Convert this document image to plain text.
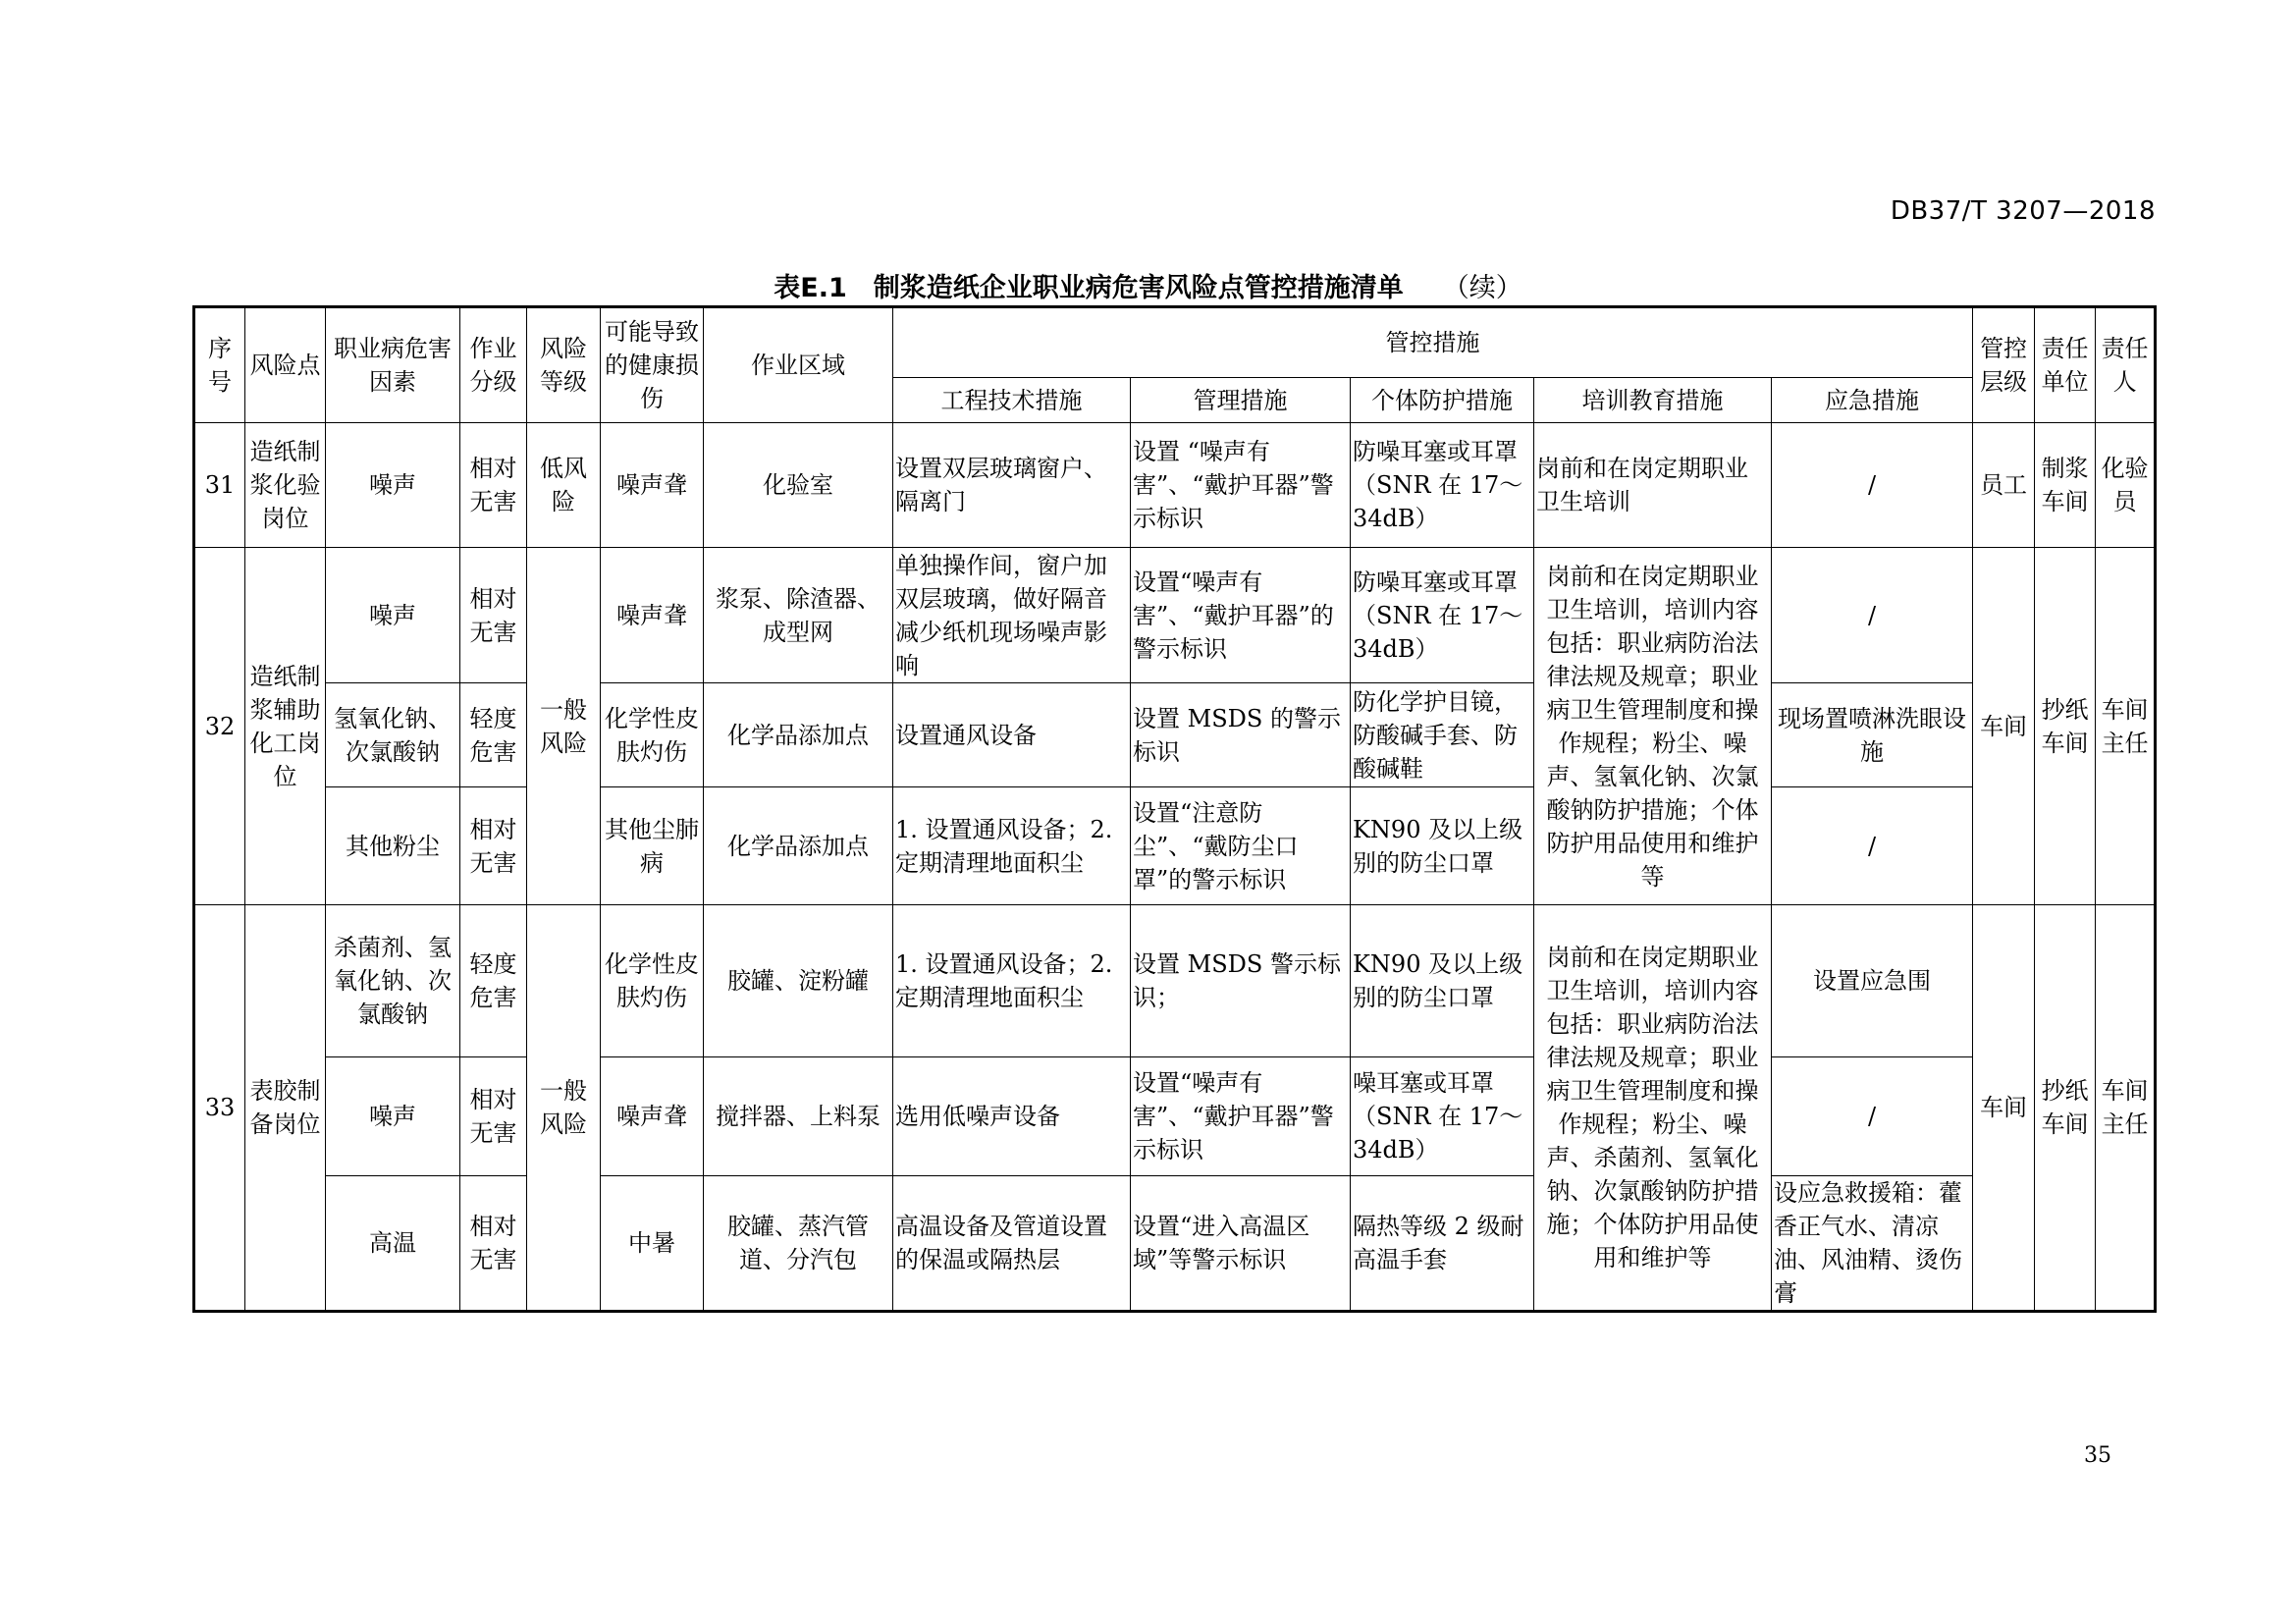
DB37/T 3207—2018
表E.1　制浆造纸企业职业病危害风险点管控措施清单 （续）
序号	风险点	职业病危害因素	作业分级	风险等级	可能导致的健康损伤	作业区域	管控措施					管控层级	责任单位	责任人
							工程技术措施	管理措施	个体防护措施	培训教育措施	应急措施			
31	造纸制浆化验岗位	噪声	相对无害	低风险	噪声聋	化验室	设置双层玻璃窗户、隔离门	设置 “噪声有害”、“戴护耳器”警示标识	防噪耳塞或耳罩（SNR 在 17～34dB）	岗前和在岗定期职业卫生培训	/	员工	制浆车间	化验员
32	造纸制浆辅助化工岗位	噪声	相对无害	一般风险	噪声聋	浆泵、除渣器、成型网	单独操作间，窗户加双层玻璃，做好隔音减少纸机现场噪声影响	设置“噪声有害”、“戴护耳器”的警示标识	防噪耳塞或耳罩（SNR 在 17～34dB）	岗前和在岗定期职业卫生培训，培训内容包括：职业病防治法律法规及规章；职业病卫生管理制度和操作规程；粉尘、噪声、氢氧化钠、次氯酸钠防护措施；个体防护用品使用和维护等	/	车间	抄纸车间	车间主任
		氢氧化钠、次氯酸钠	轻度危害		化学性皮肤灼伤	化学品添加点	设置通风设备	设置 MSDS 的警示标识	防化学护目镜，防酸碱手套、防酸碱鞋		现场置喷淋洗眼设施			
		其他粉尘	相对无害		其他尘肺病	化学品添加点	1. 设置通风设备；2. 定期清理地面积尘	设置“注意防尘”、“戴防尘口罩”的警示标识	KN90 及以上级别的防尘口罩		/			
33	表胶制备岗位	杀菌剂、氢氧化钠、次氯酸钠	轻度危害	一般风险	化学性皮肤灼伤	胶罐、淀粉罐	1. 设置通风设备；2. 定期清理地面积尘	设置 MSDS 警示标识；	KN90 及以上级别的防尘口罩	岗前和在岗定期职业卫生培训，培训内容包括：职业病防治法律法规及规章；职业病卫生管理制度和操作规程；粉尘、噪声、杀菌剂、氢氧化钠、次氯酸钠防护措施；个体防护用品使用和维护等	设置应急围	车间	抄纸车间	车间主任
		噪声	相对无害		噪声聋	搅拌器、上料泵	选用低噪声设备	设置“噪声有害”、“戴护耳器”警示标识	噪耳塞或耳罩（SNR 在 17～34dB）		/			
		高温	相对无害		中暑	胶罐、蒸汽管道、分汽包	高温设备及管道设置的保温或隔热层	设置“进入高温区域”等警示标识	隔热等级 2 级耐高温手套		设应急救援箱：藿香正气水、清凉油、风油精、烫伤膏			
35
